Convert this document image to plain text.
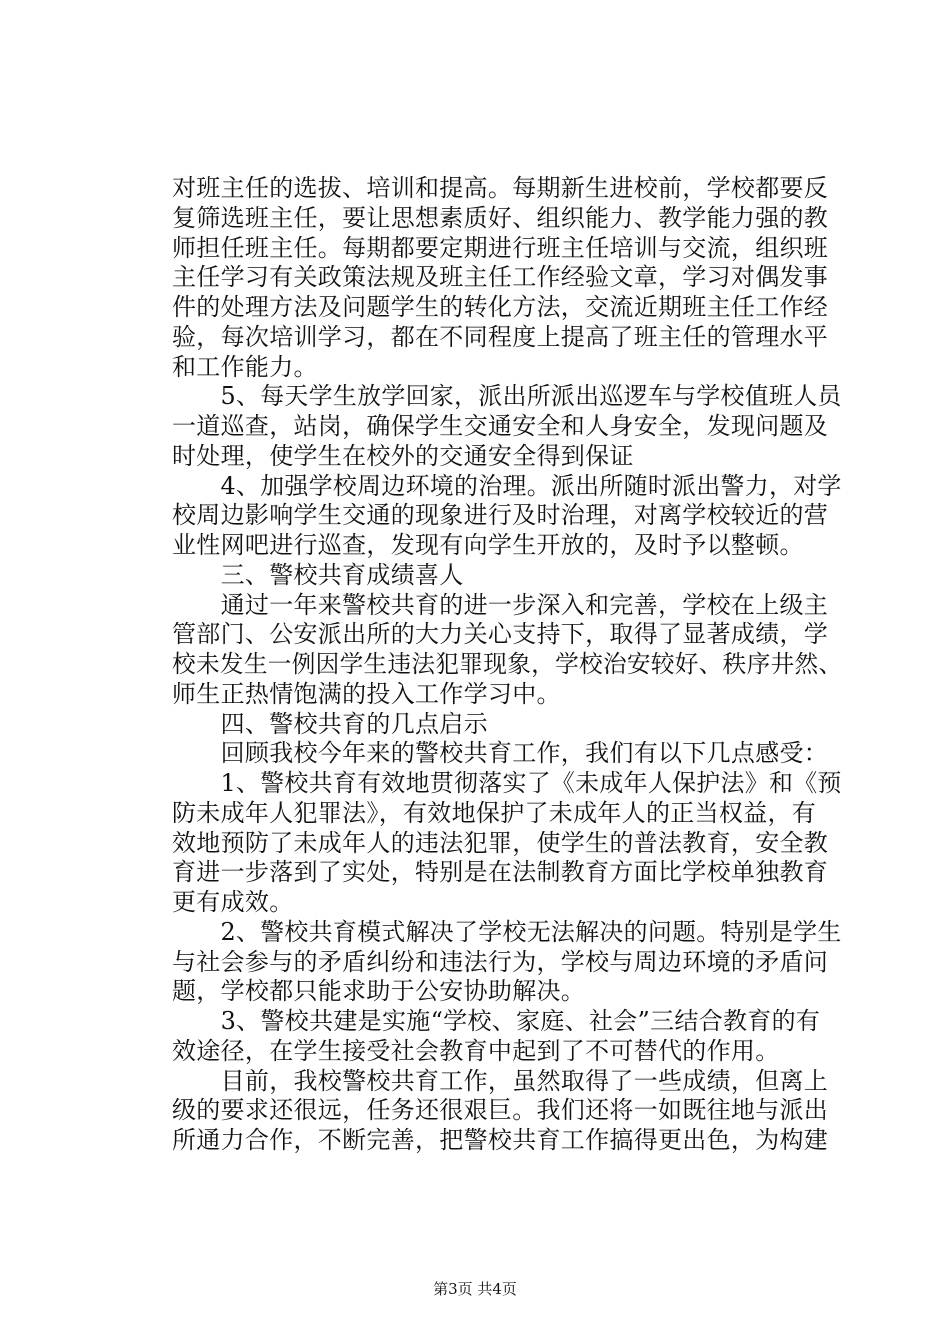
对班主任的选拔、培训和提高。每期新生进校前，学校都要反
复筛选班主任，要让思想素质好、组织能力、教学能力强的教
师担任班主任。每期都要定期进行班主任培训与交流，组织班
主任学习有关政策法规及班主任工作经验文章，学习对偶发事
件的处理方法及问题学生的转化方法，交流近期班主任工作经
验，每次培训学习，都在不同程度上提高了班主任的管理水平
和工作能力。
　　5、每天学生放学回家，派出所派出巡逻车与学校值班人员
一道巡查，站岗，确保学生交通安全和人身安全，发现问题及
时处理，使学生在校外的交通安全得到保证
　　4、加强学校周边环境的治理。派出所随时派出警力，对学
校周边影响学生交通的现象进行及时治理，对离学校较近的营
业性网吧进行巡查，发现有向学生开放的，及时予以整顿。
　　三、警校共育成绩喜人
　　通过一年来警校共育的进一步深入和完善，学校在上级主
管部门、公安派出所的大力关心支持下，取得了显著成绩，学
校未发生一例因学生违法犯罪现象，学校治安较好、秩序井然、
师生正热情饱满的投入工作学习中。
　　四、警校共育的几点启示
　　回顾我校今年来的警校共育工作，我们有以下几点感受：
　　1、警校共育有效地贯彻落实了《未成年人保护法》和《预
防未成年人犯罪法》，有效地保护了未成年人的正当权益，有
效地预防了未成年人的违法犯罪，使学生的普法教育，安全教
育进一步落到了实处，特别是在法制教育方面比学校单独教育
更有成效。
　　2、警校共育模式解决了学校无法解决的问题。特别是学生
与社会参与的矛盾纠纷和违法行为，学校与周边环境的矛盾问
题，学校都只能求助于公安协助解决。
　　3、警校共建是实施“学校、家庭、社会”三结合教育的有
效途径，在学生接受社会教育中起到了不可替代的作用。
　　目前，我校警校共育工作，虽然取得了一些成绩，但离上
级的要求还很远，任务还很艰巨。我们还将一如既往地与派出
所通力合作，不断完善，把警校共育工作搞得更出色，为构建
第3页 共4页
